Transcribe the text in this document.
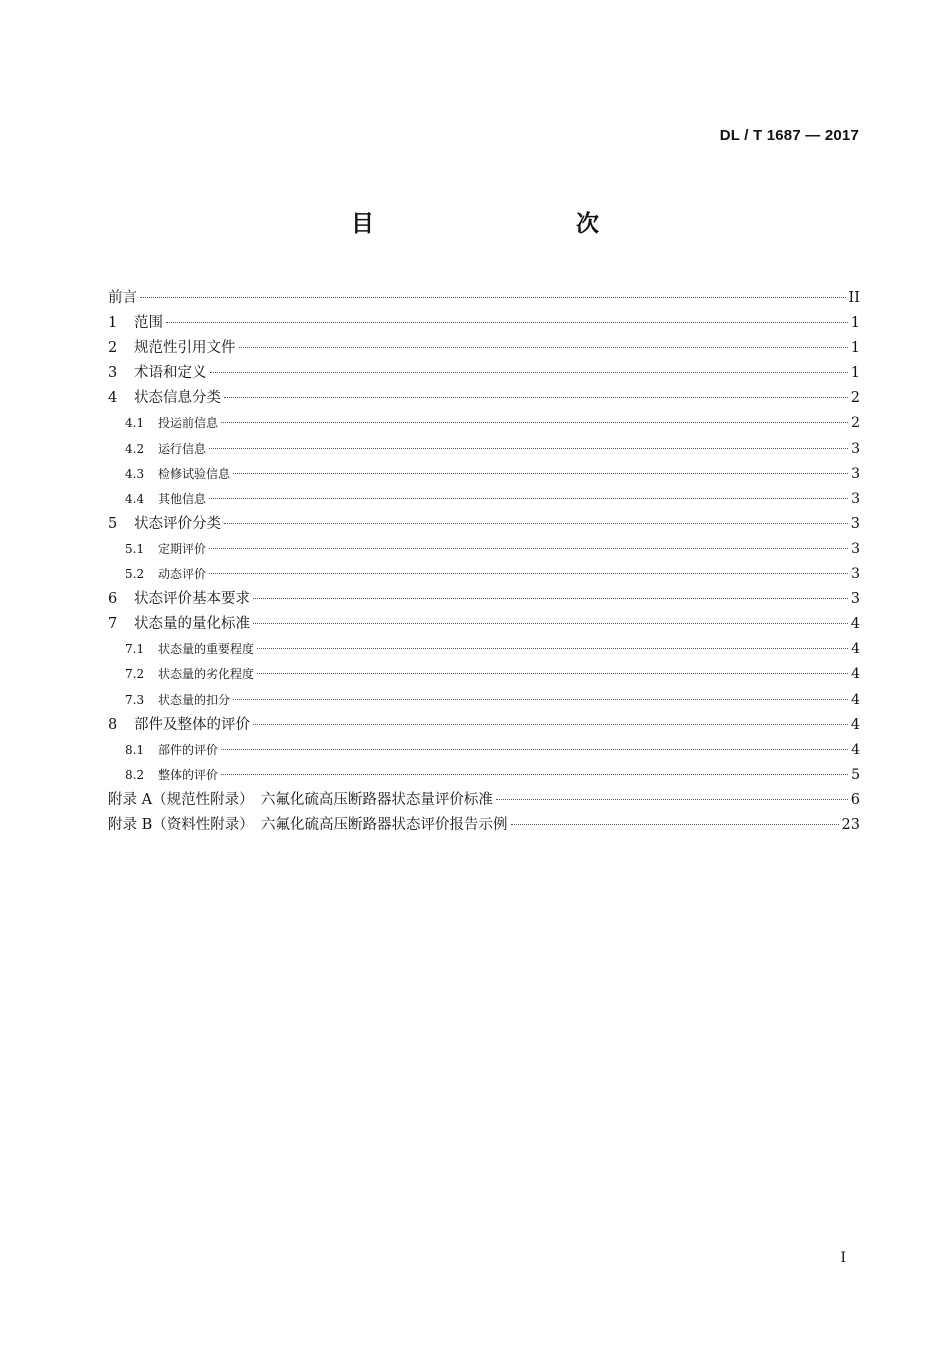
DL / T 1687 — 2017
目　　次
前言	II
1	范围	1
2	规范性引用文件	1
3	术语和定义	1
4	状态信息分类	2
4.1	投运前信息	2
4.2	运行信息	3
4.3	检修试验信息	3
4.4	其他信息	3
5	状态评价分类	3
5.1	定期评价	3
5.2	动态评价	3
6	状态评价基本要求	3
7	状态量的量化标准	4
7.1	状态量的重要程度	4
7.2	状态量的劣化程度	4
7.3	状态量的扣分	4
8	部件及整体的评价	4
8.1	部件的评价	4
8.2	整体的评价	5
附录 A（规范性附录）　六氟化硫高压断路器状态量评价标准	6
附录 B（资料性附录）　六氟化硫高压断路器状态评价报告示例	23
I
